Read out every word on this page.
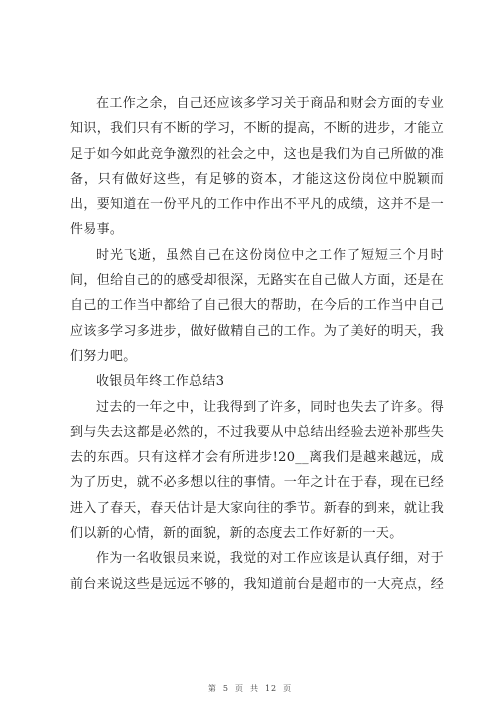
在工作之余，自己还应该多学习关于商品和财会方面的专业
知识，我们只有不断的学习，不断的提高，不断的进步，才能立
足于如今如此竞争激烈的社会之中，这也是我们为自己所做的准
备，只有做好这些，有足够的资本，才能这这份岗位中脱颖而
出，要知道在一份平凡的工作中作出不平凡的成绩，这并不是一
件易事。
时光飞逝，虽然自己在这份岗位中之工作了短短三个月时
间，但给自己的的感受却很深，无路实在自己做人方面，还是在
自己的工作当中都给了自己很大的帮助，在今后的工作当中自己
应该多学习多进步，做好做精自己的工作。为了美好的明天，我
们努力吧。
收银员年终工作总结3
过去的一年之中，让我得到了许多，同时也失去了许多。得
到与失去这都是必然的，不过我要从中总结出经验去逆补那些失
去的东西。只有这样才会有所进步!20__离我们是越来越远，成
为了历史，就不必多想以往的事情。一年之计在于春，现在已经
进入了春天，春天估计是大家向往的季节。新春的到来，就让我
们以新的心情，新的面貌，新的态度去工作好新的一天。
作为一名收银员来说，我觉的对工作应该是认真仔细，对于
前台来说这些是远远不够的，我知道前台是超市的一大亮点，经
第 5 页 共 12 页
